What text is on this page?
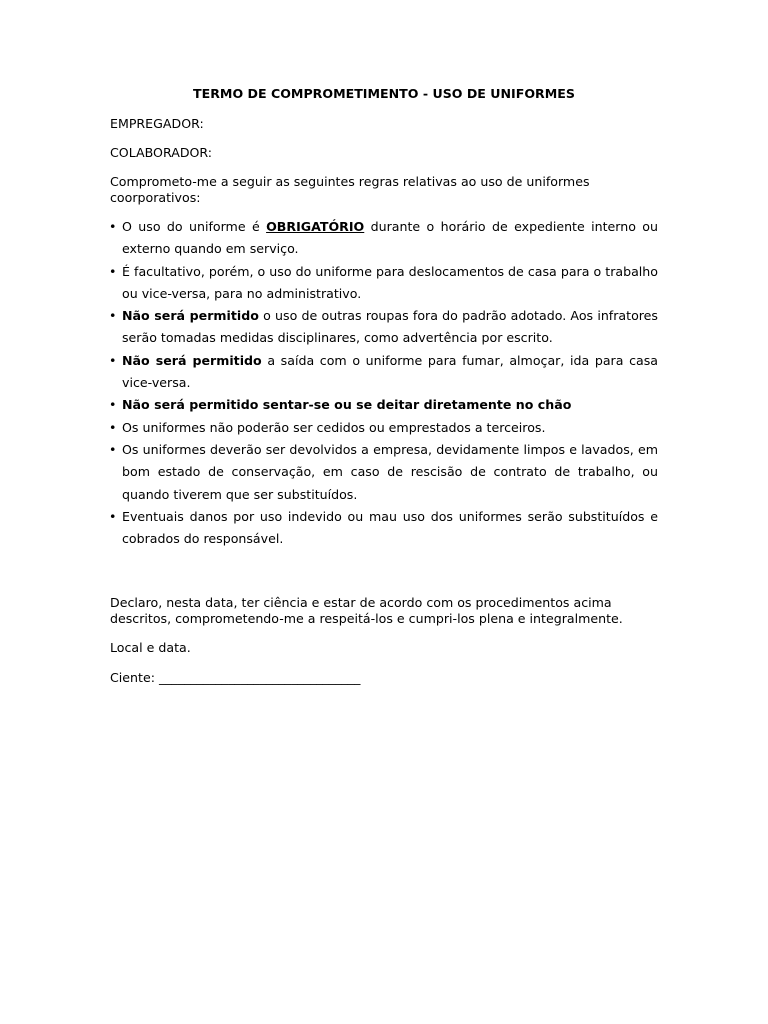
TERMO DE COMPROMETIMENTO - USO DE UNIFORMES
EMPREGADOR:
COLABORADOR:
Comprometo-me a seguir as seguintes regras relativas ao uso de uniformes coorporativos:
• O uso do uniforme é OBRIGATÓRIO durante o horário de expediente interno ou externo quando em serviço.
• É facultativo, porém, o uso do uniforme para deslocamentos de casa para o trabalho ou vice-versa, para no administrativo.
• Não será permitido o uso de outras roupas fora do padrão adotado. Aos infratores serão tomadas medidas disciplinares, como advertência por escrito.
• Não será permitido a saída com o uniforme para fumar, almoçar, ida para casa vice-versa.
• Não será permitido sentar-se ou se deitar diretamente no chão
• Os uniformes não poderão ser cedidos ou emprestados a terceiros.
• Os uniformes deverão ser devolvidos a empresa, devidamente limpos e lavados, em bom estado de conservação, em caso de rescisão de contrato de trabalho, ou quando tiverem que ser substituídos.
• Eventuais danos por uso indevido ou mau uso dos uniformes serão substituídos e cobrados do responsável.
Declaro, nesta data, ter ciência e estar de acordo com os procedimentos acima descritos, comprometendo-me a respeitá-los e cumpri-los plena e integralmente.
Local e data.
Ciente: ________________________________
